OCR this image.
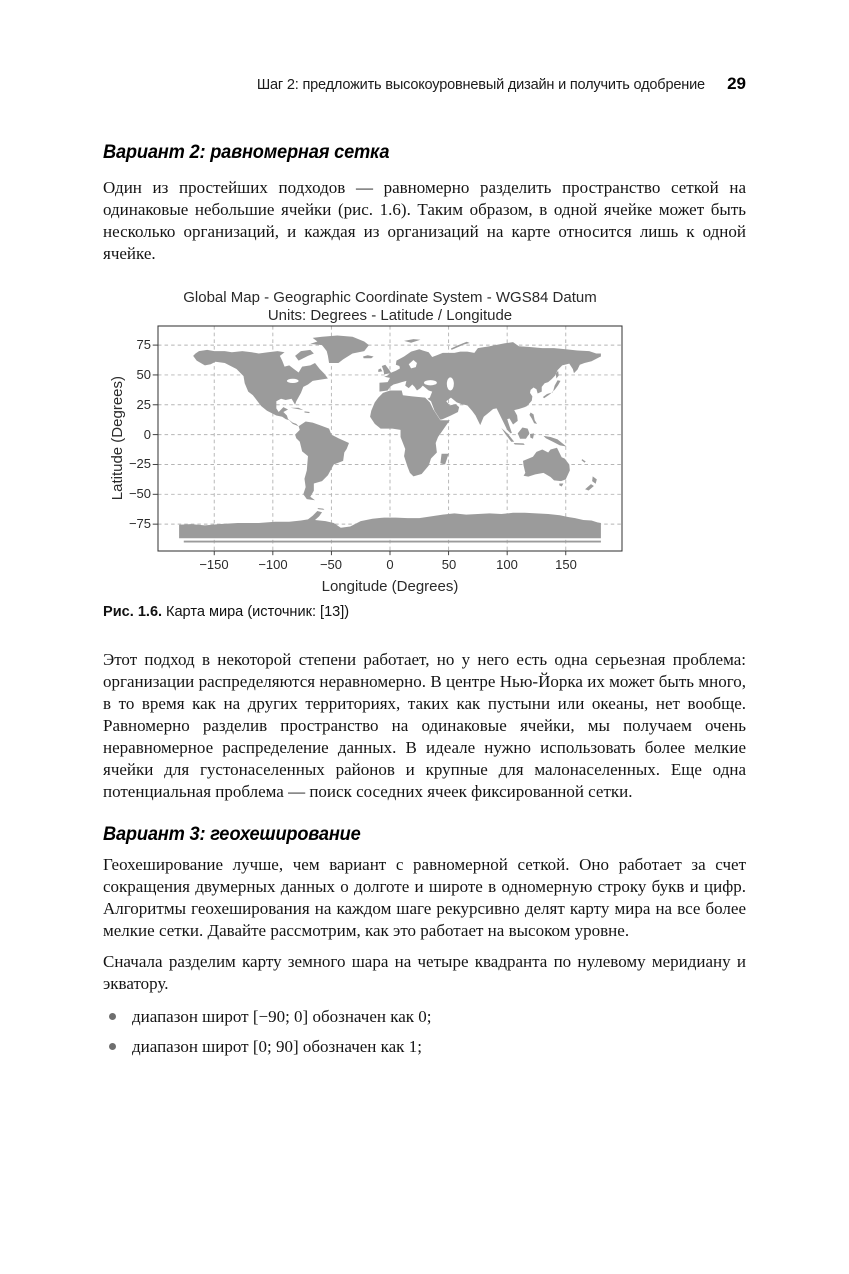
Шаг 2: предложить высокоуровневый дизайн и получить одобрение 29
Вариант 2: равномерная сетка

Один из простейших подходов — равномерно разделить пространство сеткой на одинаковые небольшие ячейки (рис. 1.6). Таким образом, в одной ячейке может быть несколько организаций, и каждая из организаций на карте относится лишь к одной ячейке.

Global Map - Geographic Coordinate System - WGS84 Datum
Units: Degrees - Latitude / Longitude
Latitude (Degrees)
75
50
25
0
−25
−50
−75
−150	−100	−50	0	50	100	150
Longitude (Degrees)
Рис. 1.6. Карта мира (источник: [13])

Этот подход в некоторой степени работает, но у него есть одна серьезная проблема: организации распределяются неравномерно. В центре Нью-Йорка их может быть много, в то время как на других территориях, таких как пустыни или океаны, нет вообще. Равномерно разделив пространство на одинаковые ячейки, мы получаем очень неравномерное распределение данных. В идеале нужно использовать более мелкие ячейки для густонаселенных районов и крупные для малонаселенных. Еще одна потенциальная проблема — поиск соседних ячеек фиксированной сетки.

Вариант 3: геохеширование

Геохеширование лучше, чем вариант с равномерной сеткой. Оно работает за счет сокращения двумерных данных о долготе и широте в одномерную строку букв и цифр. Алгоритмы геохеширования на каждом шаге рекурсивно делят карту мира на все более мелкие сетки. Давайте рассмотрим, как это работает на высоком уровне.

Сначала разделим карту земного шара на четыре квадранта по нулевому меридиану и экватору.

диапазон широт [−90; 0] обозначен как 0;
диапазон широт [0; 90] обозначен как 1;
